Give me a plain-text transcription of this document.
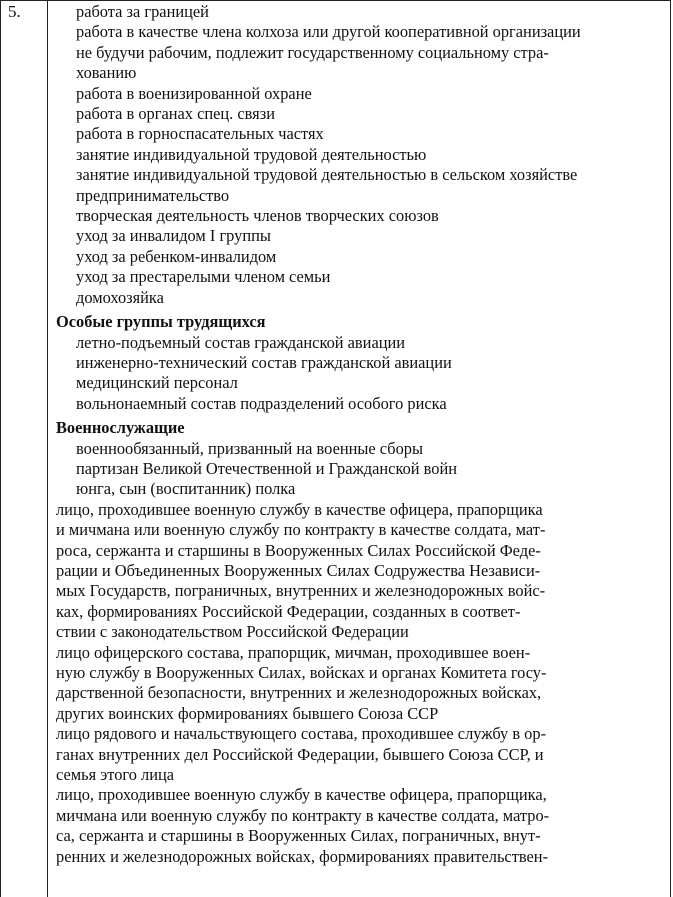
5.	работа за границей
работа в качестве члена колхоза или другой кооперативной организации
не будучи рабочим, подлежит государственному социальному стра-
хованию
работа в военизированной охране
работа в органах спец. связи
работа в горноспасательных частях
занятие индивидуальной трудовой деятельностью
занятие индивидуальной трудовой деятельностью в сельском хозяйстве
предпринимательство
творческая деятельность членов творческих союзов
уход за инвалидом I группы
уход за ребенком-инвалидом
уход за престарелыми членом семьи
домохозяйка
Особые группы трудящихся
летно-подъемный состав гражданской авиации
инженерно-технический состав гражданской авиации
медицинский персонал
вольнонаемный состав подразделений особого риска
Военнослужащие
военнообязанный, призванный на военные сборы
партизан Великой Отечественной и Гражданской войн
юнга, сын (воспитанник) полка
лицо, проходившее военную службу в качестве офицера, прапорщика
и мичмана или военную службу по контракту в качестве солдата, мат-
роса, сержанта и старшины в Вооруженных Силах Российской Феде-
рации и Объединенных Вооруженных Силах Содружества Независи-
мых Государств, пограничных, внутренних и железнодорожных войс-
ках, формированиях Российской Федерации, созданных в соответ-
ствии с законодательством Российской Федерации
лицо офицерского состава, прапорщик, мичман, проходившее воен-
ную службу в Вооруженных Силах, войсках и органах Комитета госу-
дарственной безопасности, внутренних и железнодорожных войсках,
других воинских формированиях бывшего Союза ССР
лицо рядового и начальствующего состава, проходившее службу в ор-
ганах внутренних дел Российской Федерации, бывшего Союза ССР, и
семья этого лица
лицо, проходившее военную службу в качестве офицера, прапорщика,
мичмана или военную службу по контракту в качестве солдата, матро-
са, сержанта и старшины в Вооруженных Силах, пограничных, внут-
ренних и железнодорожных войсках, формированиях правительствен-
